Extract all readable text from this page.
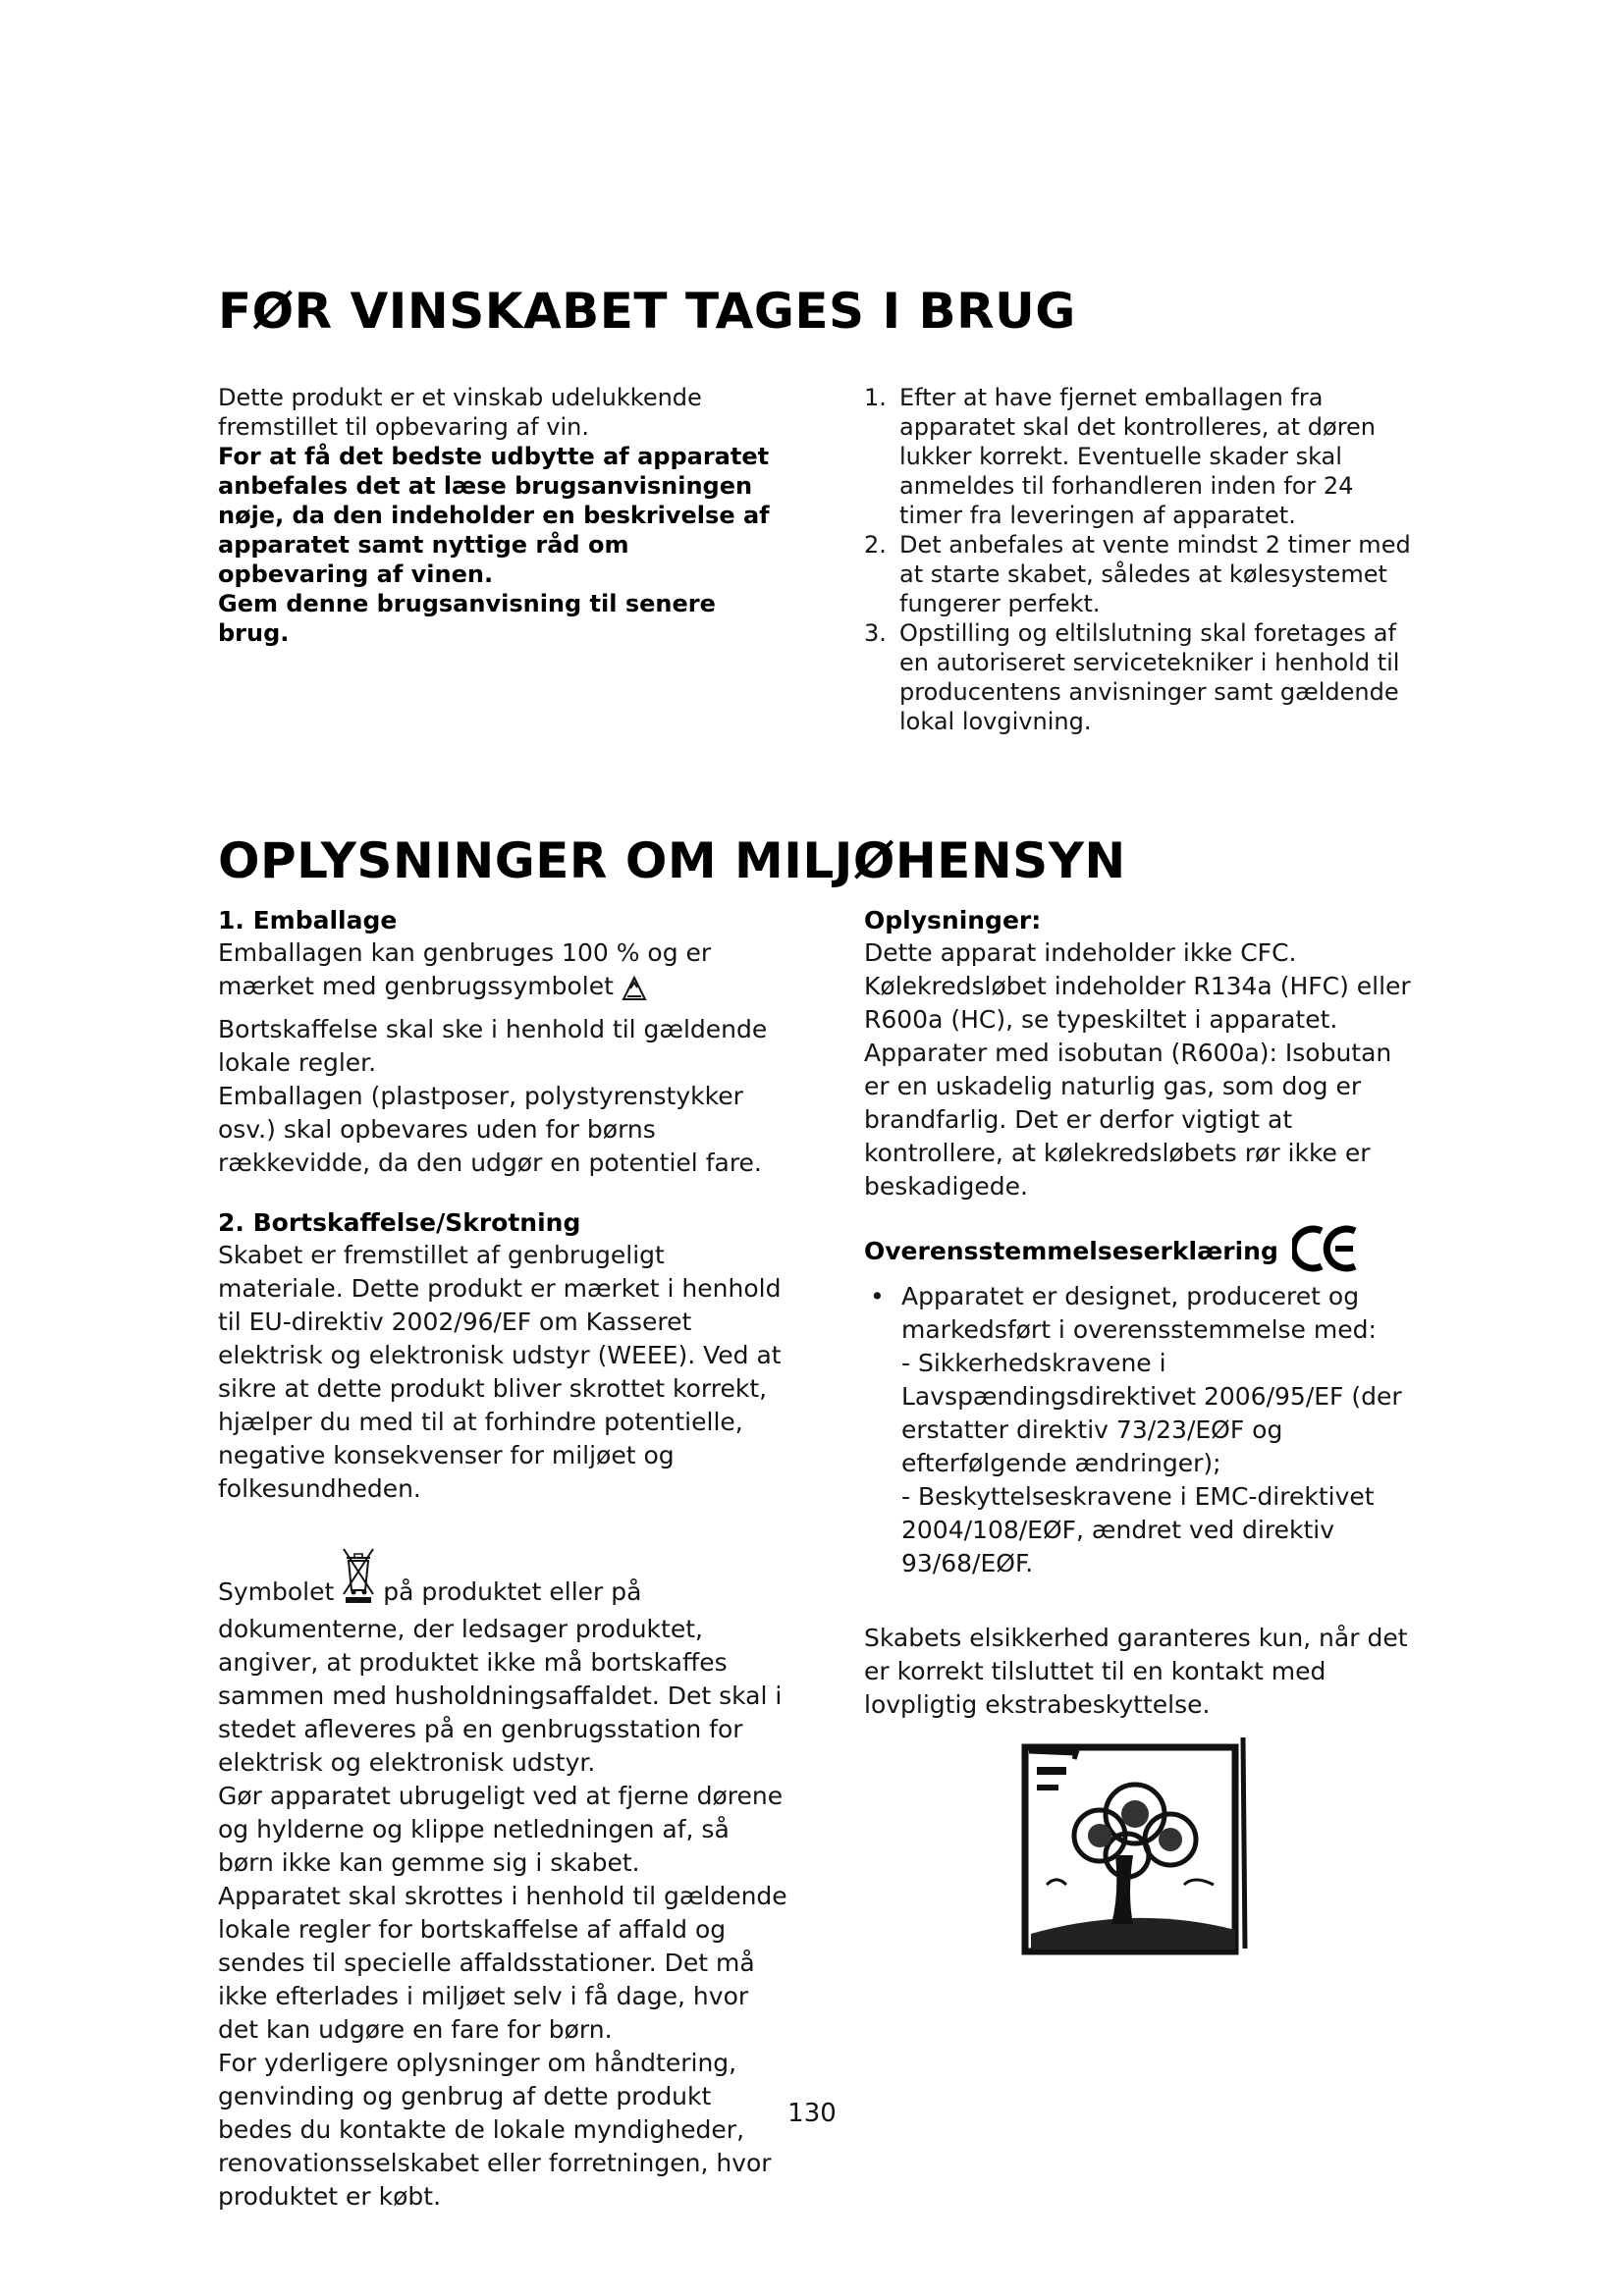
FØR VINSKABET TAGES I BRUG

Dette produkt er et vinskab udelukkende fremstillet til opbevaring af vin.

For at få det bedste udbytte af apparatet anbefales det at læse brugsanvisningen nøje, da den indeholder en beskrivelse af apparatet samt nyttige råd om opbevaring af vinen.

Gem denne brugsanvisning til senere brug.

1. Efter at have fjernet emballagen fra apparatet skal det kontrolleres, at døren lukker korrekt. Eventuelle skader skal anmeldes til forhandleren inden for 24 timer fra leveringen af apparatet.
2. Det anbefales at vente mindst 2 timer med at starte skabet, således at kølesystemet fungerer perfekt.
3. Opstilling og eltilslutning skal foretages af en autoriseret servicetekniker i henhold til producentens anvisninger samt gældende lokal lovgivning.
OPLYSNINGER OM MILJØHENSYN
1. Emballage

Emballagen kan genbruges 100 % og er mærket med genbrugssymbolet  Bortskaffelse skal ske i henhold til gældende lokale regler.

Emballagen (plastposer, polystyrenstykker osv.) skal opbevares uden for børns rækkevidde, da den udgør en potentiel fare.

2. Bortskaffelse/Skrotning

Skabet er fremstillet af genbrugeligt materiale. Dette produkt er mærket i henhold til EU-direktiv 2002/96/EF om Kasseret elektrisk og elektronisk udstyr (WEEE). Ved at sikre at dette produkt bliver skrottet korrekt, hjælper du med til at forhindre potentielle, negative konsekvenser for miljøet og folkesundheden.

Symbolet  på produktet eller på dokumenterne, der ledsager produktet, angiver, at produktet ikke må bortskaffes sammen med husholdningsaffaldet. Det skal i stedet afleveres på en genbrugsstation for elektrisk og elektronisk udstyr.

Gør apparatet ubrugeligt ved at fjerne dørene og hylderne og klippe netledningen af, så børn ikke kan gemme sig i skabet.

Apparatet skal skrottes i henhold til gældende lokale regler for bortskaffelse af affald og sendes til specielle affaldsstationer. Det må ikke efterlades i miljøet selv i få dage, hvor det kan udgøre en fare for børn.

For yderligere oplysninger om håndtering, genvinding og genbrug af dette produkt bedes du kontakte de lokale myndigheder, renovationsselskabet eller forretningen, hvor produktet er købt.

Oplysninger:

Dette apparat indeholder ikke CFC.

Kølekredsløbet indeholder R134a (HFC) eller R600a (HC), se typeskiltet i apparatet.

Apparater med isobutan (R600a): Isobutan er en uskadelig naturlig gas, som dog er brandfarlig. Det er derfor vigtigt at kontrollere, at kølekredsløbets rør ikke er beskadigede.

Overensstemmelseserklæring
• Apparatet er designet, produceret og markedsført i overensstemmelse med:
- Sikkerhedskravene i Lavspændingsdirektivet 2006/95/EF (der erstatter direktiv 73/23/EØF og efterfølgende ændringer);
- Beskyttelseskravene i EMC-direktivet 2004/108/EØF, ændret ved direktiv 93/68/EØF.

Skabets elsikkerhed garanteres kun, når det er korrekt tilsluttet til en kontakt med lovpligtig ekstrabeskyttelse.

130
